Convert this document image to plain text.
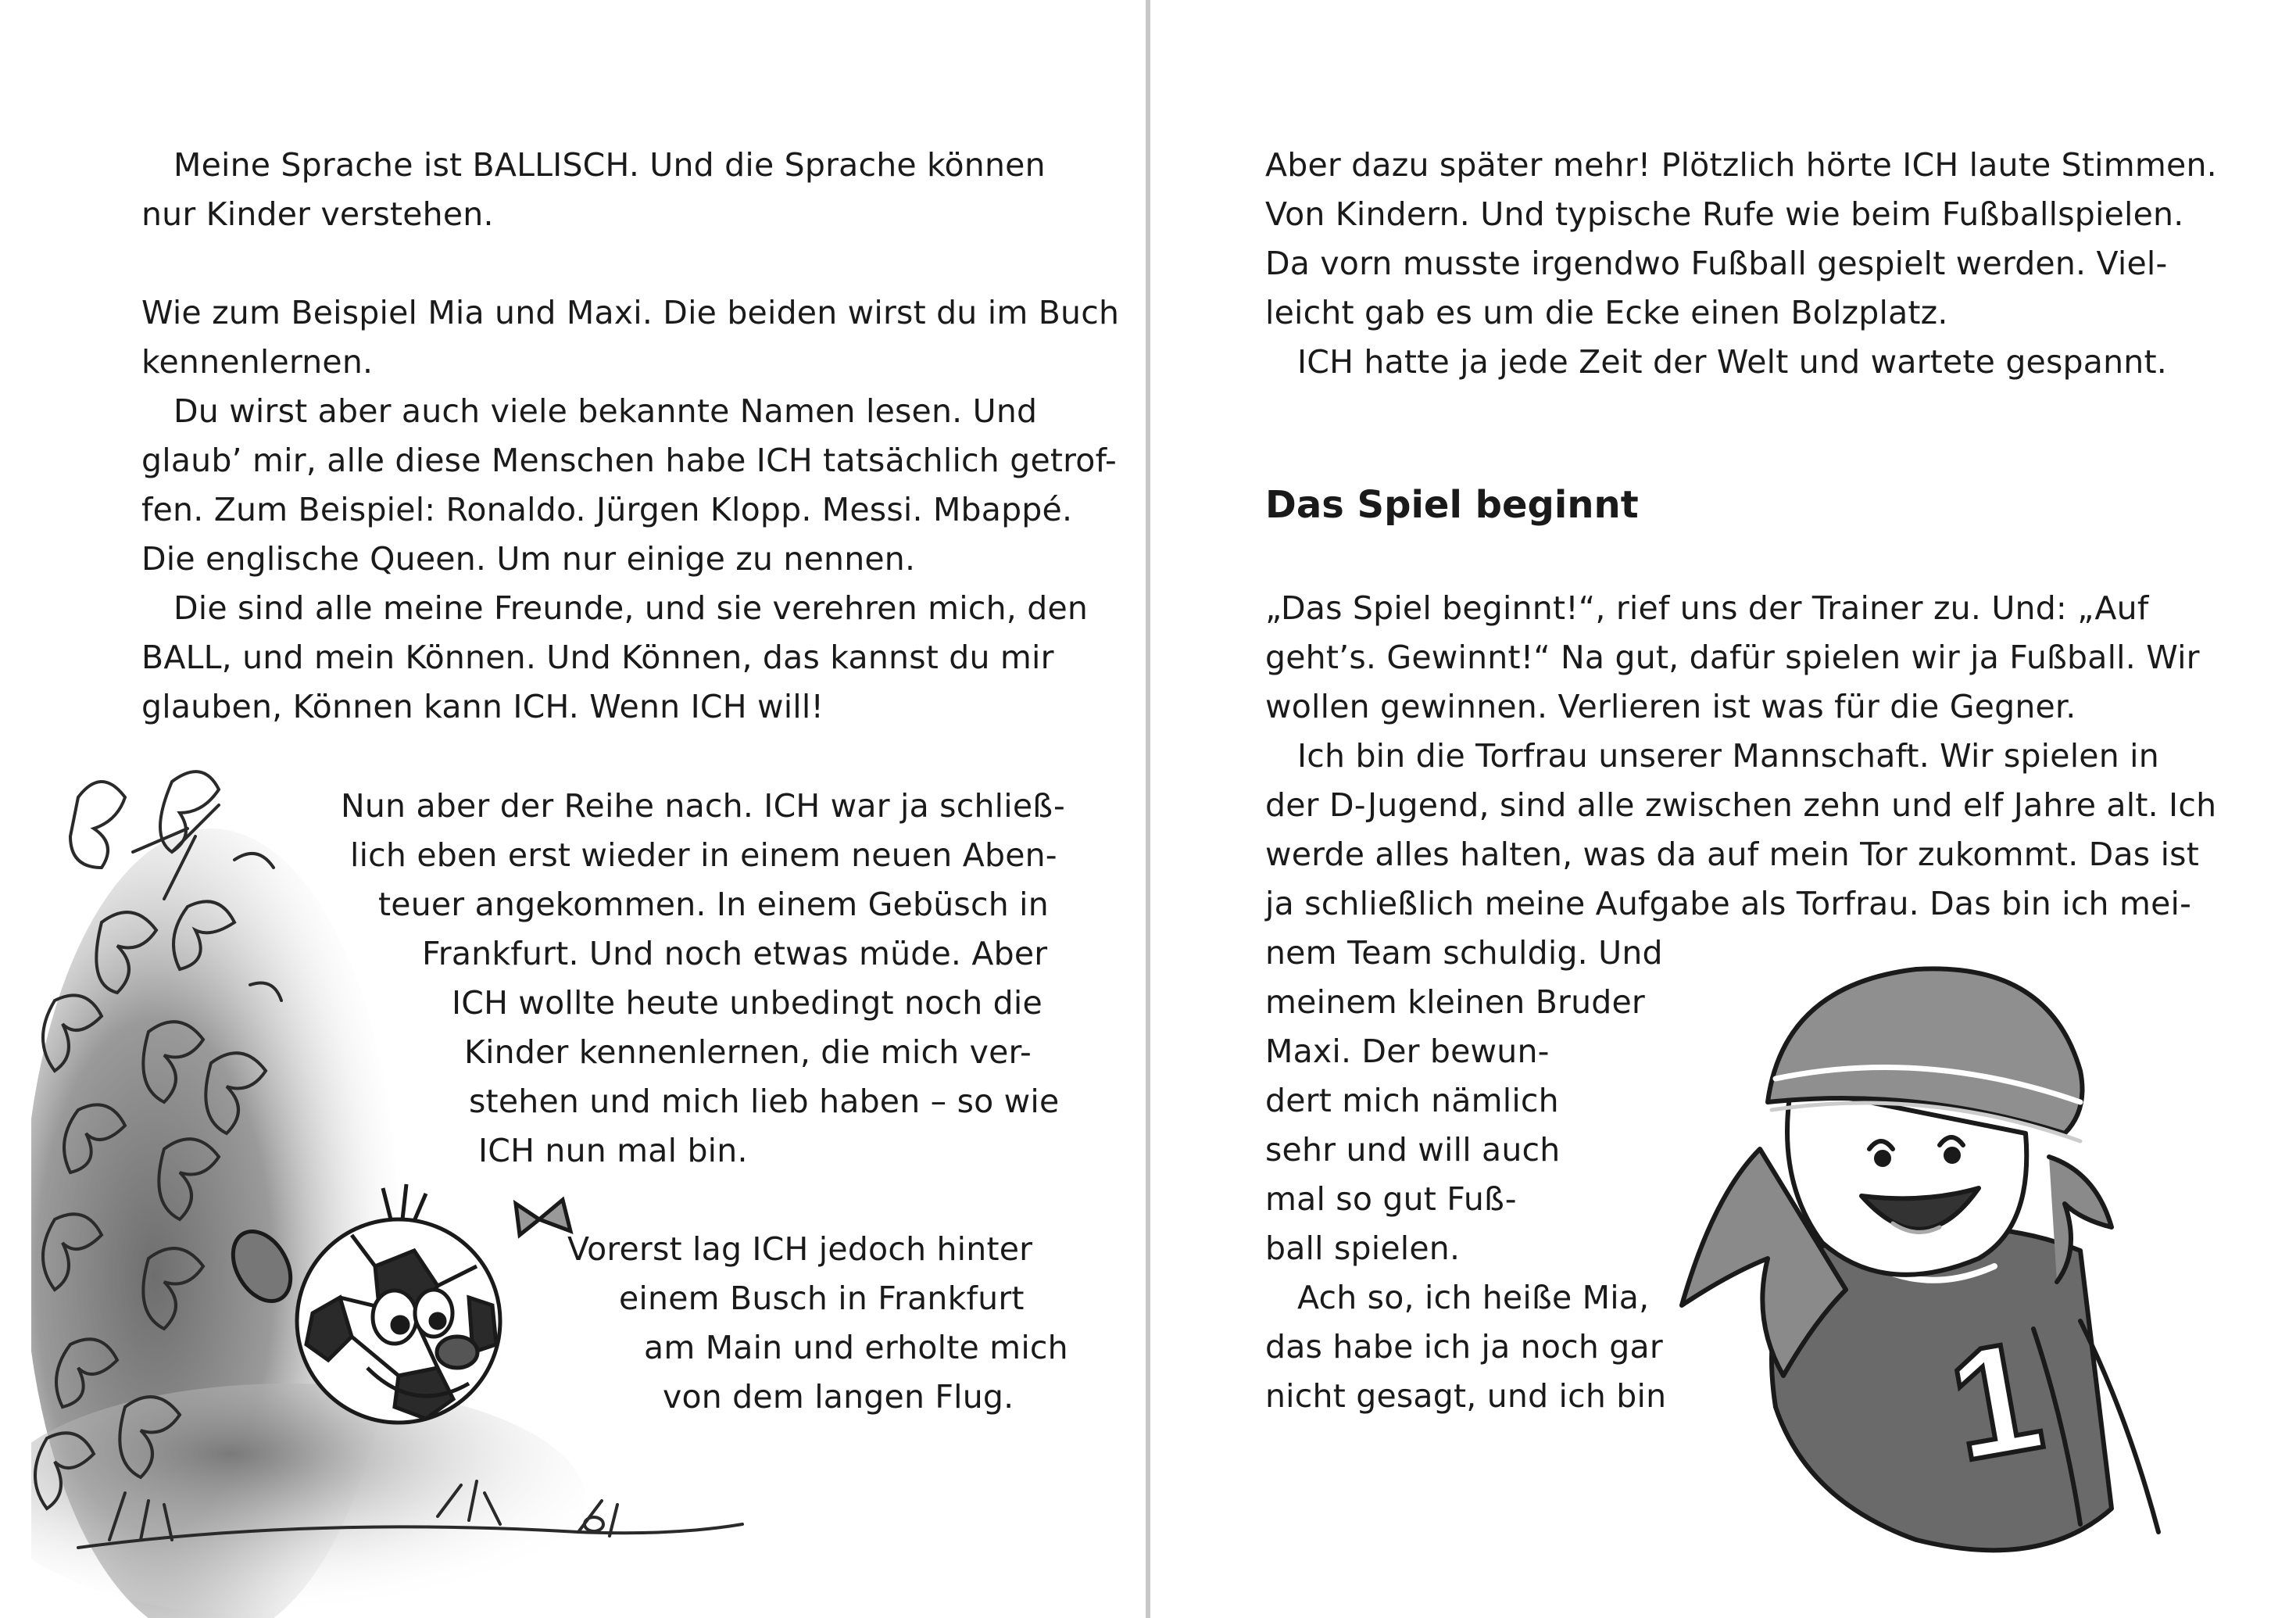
Meine Sprache ist BALLISCH. Und die Sprache können
nur Kinder verstehen.
Wie zum Beispiel Mia und Maxi. Die beiden wirst du im Buch
kennenlernen.
Du wirst aber auch viele bekannte Namen lesen. Und
glaub’ mir, alle diese Menschen habe ICH tatsächlich getrof-
fen. Zum Beispiel: Ronaldo. Jürgen Klopp. Messi. Mbappé.
Die englische Queen. Um nur einige zu nennen.
Die sind alle meine Freunde, und sie verehren mich, den
BALL, und mein Können. Und Können, das kannst du mir
glauben, Können kann ICH. Wenn ICH will!
Nun aber der Reihe nach. ICH war ja schließ-
lich eben erst wieder in einem neuen Aben-
teuer angekommen. In einem Gebüsch in
Frankfurt. Und noch etwas müde. Aber
ICH wollte heute unbedingt noch die
Kinder kennenlernen, die mich ver-
stehen und mich lieb haben – so wie
ICH nun mal bin.
Vorerst lag ICH jedoch hinter
einem Busch in Frankfurt
am Main und erholte mich
von dem langen Flug.
Aber dazu später mehr! Plötzlich hörte ICH laute Stimmen.
Von Kindern. Und typische Rufe wie beim Fußballspielen.
Da vorn musste irgendwo Fußball gespielt werden. Viel-
leicht gab es um die Ecke einen Bolzplatz.
ICH hatte ja jede Zeit der Welt und wartete gespannt.
Das Spiel beginnt
„Das Spiel beginnt!“, rief uns der Trainer zu. Und: „Auf
geht’s. Gewinnt!“ Na gut, dafür spielen wir ja Fußball. Wir
wollen gewinnen. Verlieren ist was für die Gegner.
Ich bin die Torfrau unserer Mannschaft. Wir spielen in
der D-Jugend, sind alle zwischen zehn und elf Jahre alt. Ich
werde alles halten, was da auf mein Tor zukommt. Das ist
ja schließlich meine Aufgabe als Torfrau. Das bin ich mei-
nem Team schuldig. Und
meinem kleinen Bruder
Maxi. Der bewun-
dert mich nämlich
sehr und will auch
mal so gut Fuß-
ball spielen.
Ach so, ich heiße Mia,
das habe ich ja noch gar
nicht gesagt, und ich bin 1
